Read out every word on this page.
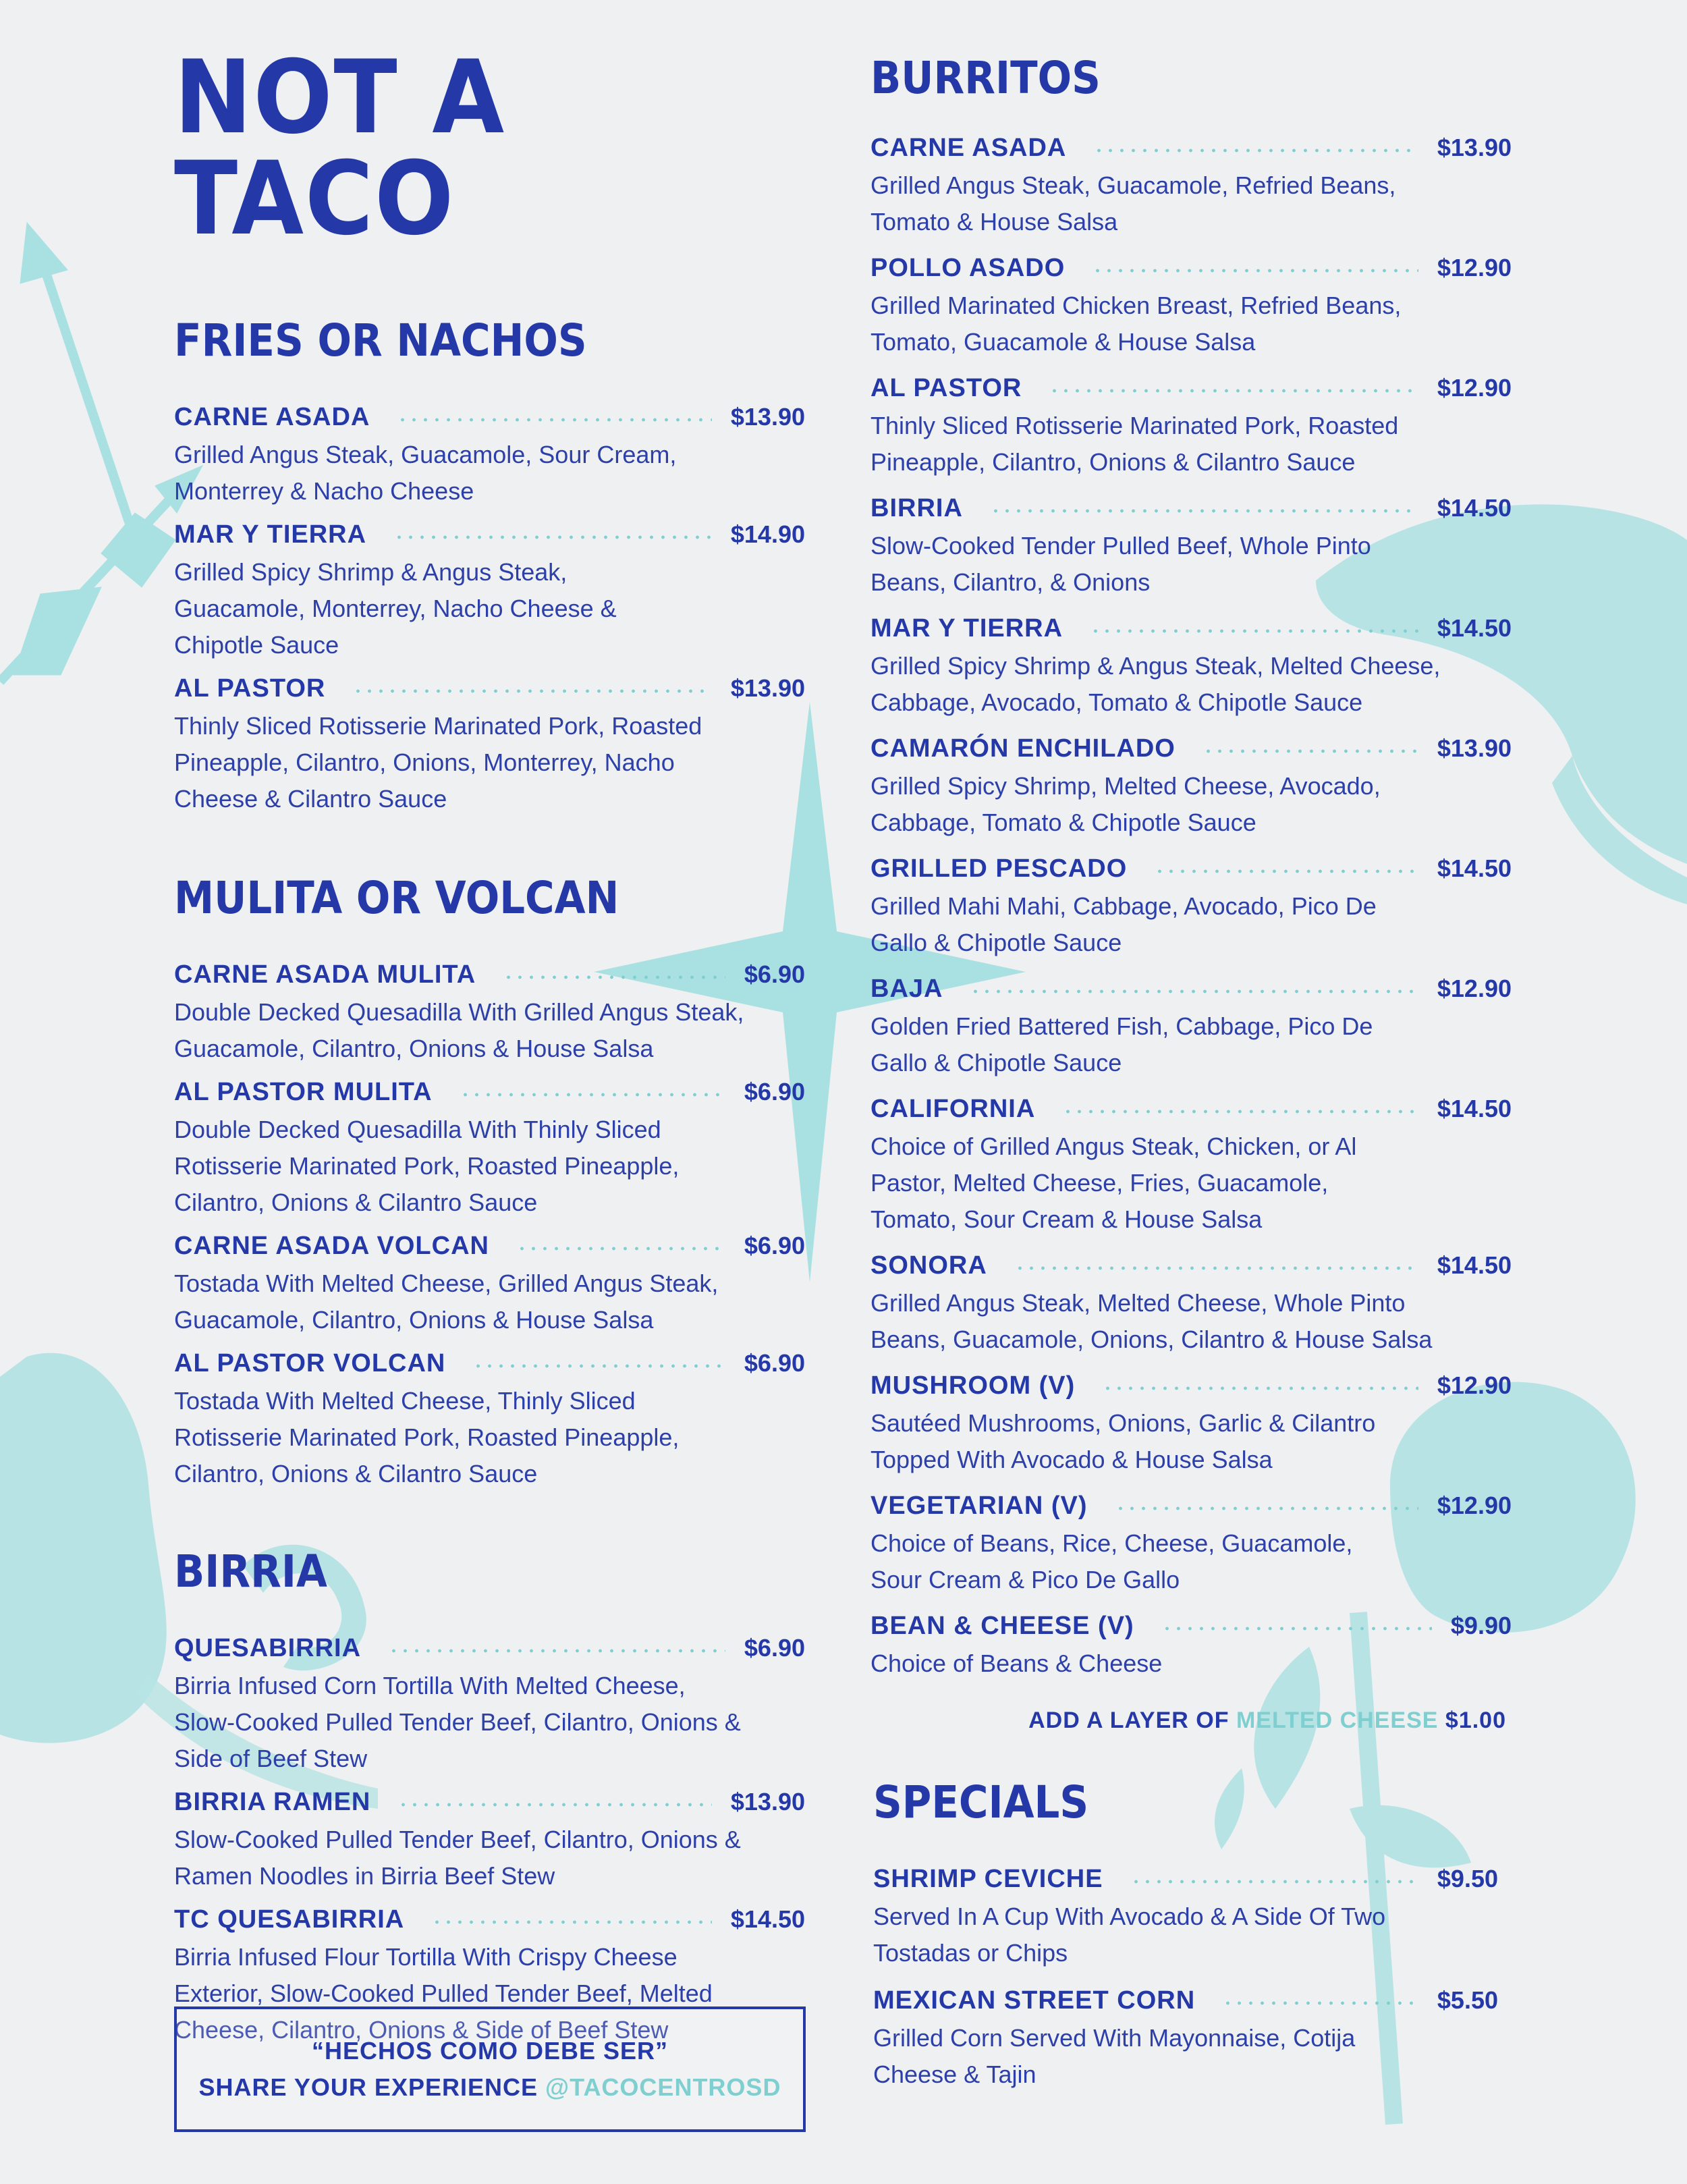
NOT A TACO
FRIES OR NACHOS
CARNE ASADA	$13.90
Grilled Angus Steak, Guacamole, Sour Cream, Monterrey & Nacho Cheese
MAR Y TIERRA	$14.90
Grilled Spicy Shrimp & Angus Steak, Guacamole, Monterrey, Nacho Cheese & Chipotle Sauce
AL PASTOR	$13.90
Thinly Sliced Rotisserie Marinated Pork, Roasted Pineapple, Cilantro, Onions, Monterrey, Nacho Cheese & Cilantro Sauce
MULITA OR VOLCAN
CARNE ASADA MULITA	$6.90
Double Decked Quesadilla With Grilled Angus Steak, Guacamole, Cilantro, Onions & House Salsa
AL PASTOR MULITA	$6.90
Double Decked Quesadilla With Thinly Sliced Rotisserie Marinated Pork, Roasted Pineapple, Cilantro, Onions & Cilantro Sauce
CARNE ASADA VOLCAN	$6.90
Tostada With Melted Cheese, Grilled Angus Steak, Guacamole, Cilantro, Onions & House Salsa
AL PASTOR VOLCAN	$6.90
Tostada With Melted Cheese, Thinly Sliced Rotisserie Marinated Pork, Roasted Pineapple, Cilantro, Onions & Cilantro Sauce
BIRRIA
QUESABIRRIA	$6.90
Birria Infused Corn Tortilla With Melted Cheese, Slow-Cooked Pulled Tender Beef, Cilantro, Onions & Side of Beef Stew
BIRRIA RAMEN	$13.90
Slow-Cooked Pulled Tender Beef, Cilantro, Onions & Ramen Noodles in Birria Beef Stew
TC QUESABIRRIA	$14.50
Birria Infused Flour Tortilla With Crispy Cheese Exterior, Slow-Cooked Pulled Tender Beef, Melted Cheese, Cilantro, Onions & Side of Beef Stew
“HECHOS COMO DEBE SER”
SHARE YOUR EXPERIENCE @TACOCENTROSD
BURRITOS
CARNE ASADA	$13.90
Grilled Angus Steak, Guacamole, Refried Beans, Tomato & House Salsa
POLLO ASADO	$12.90
Grilled Marinated Chicken Breast, Refried Beans, Tomato, Guacamole & House Salsa
AL PASTOR	$12.90
Thinly Sliced Rotisserie Marinated Pork, Roasted Pineapple, Cilantro, Onions & Cilantro Sauce
BIRRIA	$14.50
Slow-Cooked Tender Pulled Beef, Whole Pinto Beans, Cilantro, & Onions
MAR Y TIERRA	$14.50
Grilled Spicy Shrimp & Angus Steak, Melted Cheese, Cabbage, Avocado, Tomato & Chipotle Sauce
CAMARÓN ENCHILADO	$13.90
Grilled Spicy Shrimp, Melted Cheese, Avocado, Cabbage, Tomato & Chipotle Sauce
GRILLED PESCADO	$14.50
Grilled Mahi Mahi, Cabbage, Avocado, Pico De Gallo & Chipotle Sauce
BAJA	$12.90
Golden Fried Battered Fish, Cabbage, Pico De Gallo & Chipotle Sauce
CALIFORNIA	$14.50
Choice of Grilled Angus Steak, Chicken, or Al Pastor, Melted Cheese, Fries, Guacamole, Tomato, Sour Cream & House Salsa
SONORA	$14.50
Grilled Angus Steak, Melted Cheese, Whole Pinto Beans, Guacamole, Onions, Cilantro & House Salsa
MUSHROOM (V)	$12.90
Sautéed Mushrooms, Onions, Garlic & Cilantro Topped With Avocado & House Salsa
VEGETARIAN (V)	$12.90
Choice of Beans, Rice, Cheese, Guacamole, Sour Cream & Pico De Gallo
BEAN & CHEESE (V)	$9.90
Choice of Beans & Cheese
ADD A LAYER OF MELTED CHEESE $1.00
SPECIALS
SHRIMP CEVICHE	$9.50
Served In A Cup With Avocado & A Side Of Two Tostadas or Chips
MEXICAN STREET CORN	$5.50
Grilled Corn Served With Mayonnaise, Cotija Cheese & Tajin
